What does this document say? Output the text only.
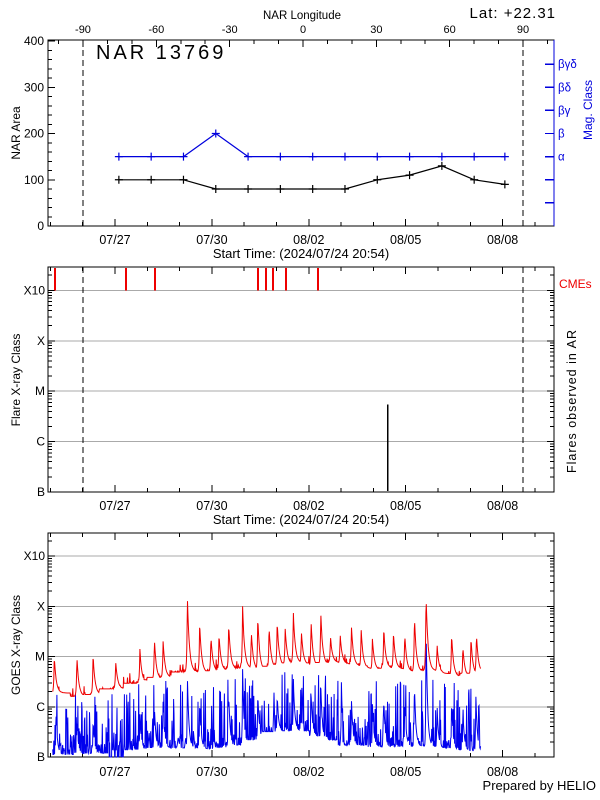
-90	-60	-30	0	30	60	90
0
100
200
300
400
α
β
βγ
βδ
βγδ
B
C
M
X
X10
B
C
M
X
X10
07/27	07/30	08/02	08/05	08/08
07/27	07/30	08/02	08/05	08/08
07/27	07/30	08/02	08/05	08/08
Lat: +22.31
NAR Longitude
NAR 13769
NAR Area	Mag. Class
Start Time: (2024/07/24 20:54)
Flare X-ray Class	Flares observed in AR
CMEs
Start Time: (2024/07/24 20:54)
GOES X-ray Class
Prepared by HELIO
